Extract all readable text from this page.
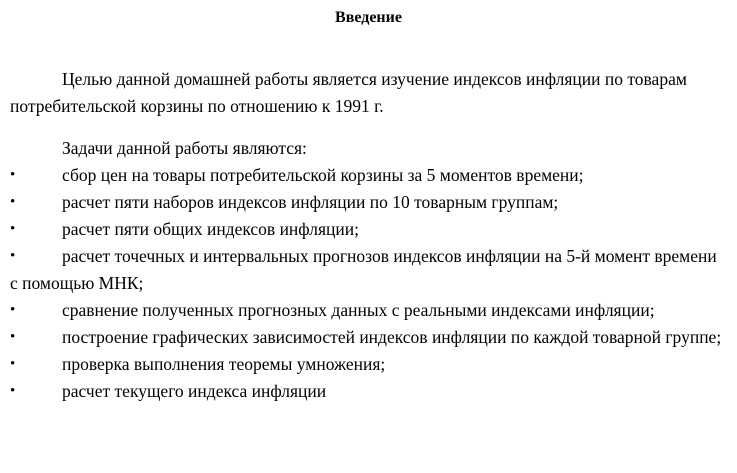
Введение

Целью данной домашней работы является изучение индексов инфляции по товарам потребительской корзины по отношению к 1991 г.

Задачи данной работы являются:

•	сбор цен на товары потребительской корзины за 5 моментов времени;
•	расчет пяти наборов индексов инфляции по 10 товарным группам;
•	расчет пяти общих индексов инфляции;
•	расчет точечных и интервальных прогнозов индексов инфляции на 5-й момент времени с помощью МНК;
•	сравнение полученных прогнозных данных с реальными индексами инфляции;
•	построение графических зависимостей индексов инфляции по каждой товарной группе;
•	проверка выполнения теоремы умножения;
•	расчет текущего индекса инфляции
